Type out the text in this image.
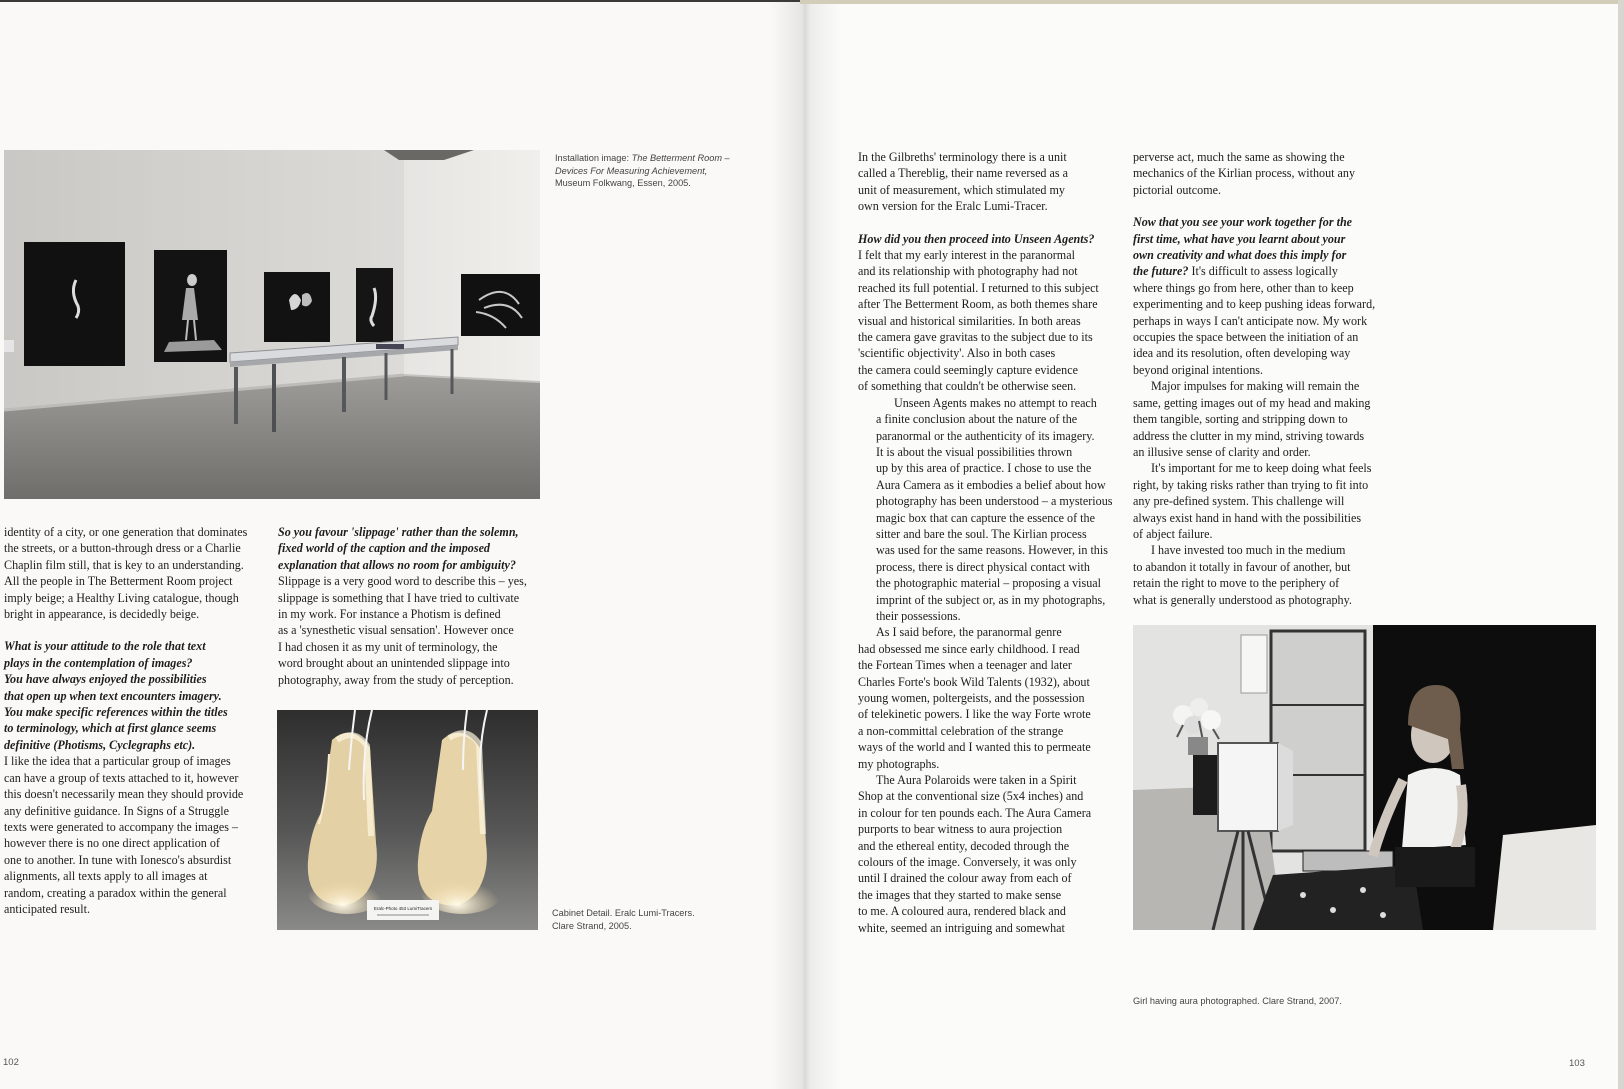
Installation image: The Betterment Room –
Devices For Measuring Achievement,
Museum Folkwang, Essen, 2005.

identity of a city, or one generation that dominates
the streets, or a button-through dress or a Charlie
Chaplin film still, that is key to an understanding.
All the people in The Betterment Room project
imply beige; a Healthy Living catalogue, though
bright in appearance, is decidedly beige.

What is your attitude to the role that text
plays in the contemplation of images?
You have always enjoyed the possibilities
that open up when text encounters imagery.
You make specific references within the titles
to terminology, which at first glance seems
definitive (Photisms, Cyclegraphs etc).

I like the idea that a particular group of images
can have a group of texts attached to it, however
this doesn't necessarily mean they should provide
any definitive guidance. In Signs of a Struggle
texts were generated to accompany the images –
however there is no one direct application of
one to another. In tune with Ionesco's absurdist
alignments, all texts apply to all images at
random, creating a paradox within the general
anticipated result.

So you favour 'slippage' rather than the solemn,
fixed world of the caption and the imposed
explanation that allows no room for ambiguity?

Slippage is a very good word to describe this – yes,
slippage is something that I have tried to cultivate
in my work. For instance a Photism is defined
as a 'synesthetic visual sensation'. However once
I had chosen it as my unit of terminology, the
word brought about an unintended slippage into
photography, away from the study of perception.

Eralc-Photo 453 LumiTracers	Cabinet Detail. Eralc Lumi-Tracers.
Clare Strand, 2005.
102

In the Gilbreths' terminology there is a unit
called a Thereblig, their name reversed as a
unit of measurement, which stimulated my
own version for the Eralc Lumi-Tracer.

How did you then proceed into Unseen Agents?

I felt that my early interest in the paranormal
and its relationship with photography had not
reached its full potential. I returned to this subject
after The Betterment Room, as both themes share
visual and historical similarities. In both areas
the camera gave gravitas to the subject due to its
'scientific objectivity'. Also in both cases
the camera could seemingly capture evidence
of something that couldn't be otherwise seen.

Unseen Agents makes no attempt to reach
a finite conclusion about the nature of the
paranormal or the authenticity of its imagery.
It is about the visual possibilities thrown
up by this area of practice. I chose to use the
Aura Camera as it embodies a belief about how
photography has been understood – a mysterious
magic box that can capture the essence of the
sitter and bare the soul. The Kirlian process
was used for the same reasons. However, in this
process, there is direct physical contact with
the photographic material – proposing a visual
imprint of the subject or, as in my photographs,
their possessions.

As I said before, the paranormal genre
had obsessed me since early childhood. I read
the Fortean Times when a teenager and later
Charles Forte's book Wild Talents (1932), about
young women, poltergeists, and the possession
of telekinetic powers. I like the way Forte wrote
a non-committal celebration of the strange
ways of the world and I wanted this to permeate
my photographs.

The Aura Polaroids were taken in a Spirit
Shop at the conventional size (5x4 inches) and
in colour for ten pounds each. The Aura Camera
purports to bear witness to aura projection
and the ethereal entity, decoded through the
colours of the image. Conversely, it was only
until I drained the colour away from each of
the images that they started to make sense
to me. A coloured aura, rendered black and
white, seemed an intriguing and somewhat

perverse act, much the same as showing the
mechanics of the Kirlian process, without any
pictorial outcome.

Now that you see your work together for the
first time, what have you learnt about your
own creativity and what does this imply for
the future? It's difficult to assess logically
where things go from here, other than to keep
experimenting and to keep pushing ideas forward,
perhaps in ways I can't anticipate now. My work
occupies the space between the initiation of an
idea and its resolution, often developing way
beyond original intentions.

Major impulses for making will remain the
same, getting images out of my head and making
them tangible, sorting and stripping down to
address the clutter in my mind, striving towards
an illusive sense of clarity and order.

It's important for me to keep doing what feels
right, by taking risks rather than trying to fit into
any pre-defined system. This challenge will
always exist hand in hand with the possibilities
of abject failure.

I have invested too much in the medium
to abandon it totally in favour of another, but
retain the right to move to the periphery of
what is generally understood as photography.

Girl having aura photographed. Clare Strand, 2007.
103
